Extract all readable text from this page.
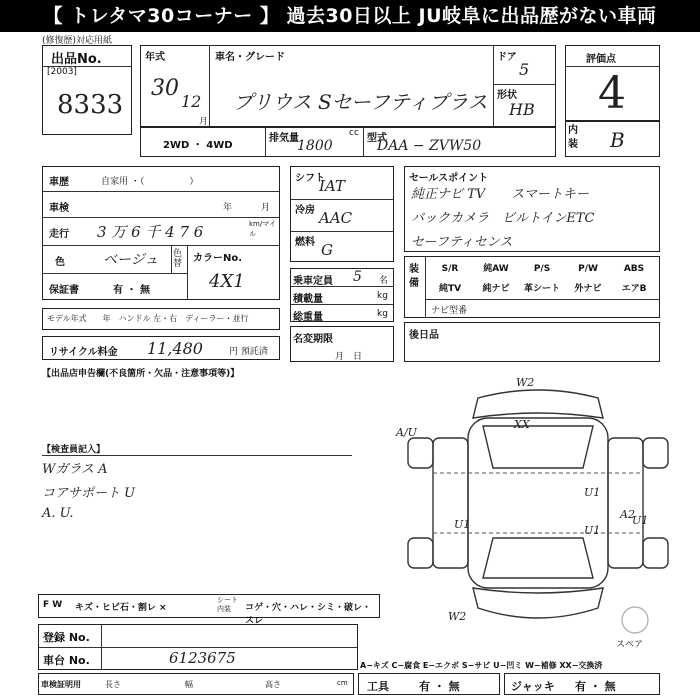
【 トレタマ30コーナー 】 過去30日以上 JU岐阜に出品歴がない車両
(修復歴)対応用紙
出品No.
[2003]
8333
年式
30
12
月
車名・グレード
プリウス Sセーフティプラス
ドア
5
形状
HB
評価点
4
内装 B
2WD ・ 4WD
排気量	cc
1800	型式
DAA − ZVW50
車歴	自家用 ・（　　　　　）
車検	年	月
走行 3 万 6 千 4 7 6	km/マイル
色	ベージュ 色替 カラーNo.
4X1
保証書	有 ・ 無
モデル年式　　年　ハンドル 左・右　ディーラー・並行
リサイクル料金 11,480	円 預託済
シフト
IAT
冷房 AAC
燃料 G
乗車定員 5 名
積載量	kg
総重量	kg
名変期限
月　日
セールスポイント
純正ナビ TV　　スマートキー
バックカメラ　ビルトインETC
セーフティセンス
装備
S/R	純AW	P/S	P/W	ABS
純TV	純ナビ	革シート	外ナビ	エアB
ナビ型番
後日品
【出品店申告欄(不良箇所・欠品・注意事項等)】
【検査員記入】
Wガラス A
コアサポート U
A. U.
W2
XX
A/U
A2
U1
U1	U1
U1
W2
スペア
F W キズ・ヒビ石・割レ ×
シート内装	コゲ・穴・ハレ・シミ・破レ・スレ
登録 No.
車台 No.	6123675	A−キズ C−腐食 E−エクボ S−サビ U−凹ミ W−補修 XX−交換済
車検証明用	長さ	幅	高さ	cm 工具	有 ・ 無	ジャッキ 有 ・ 無
